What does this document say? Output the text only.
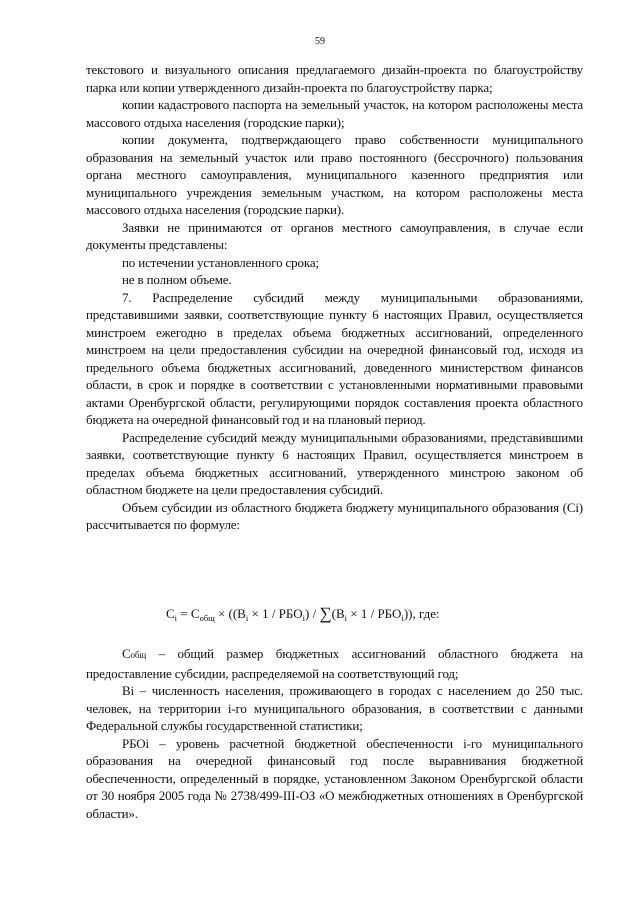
59

текстового и визуального описания предлагаемого дизайн-проекта по благоустройству парка или копии утвержденного дизайн-проекта по благоустройству парка;

копии кадастрового паспорта на земельный участок, на котором расположены места массового отдыха населения (городские парки);

копии документа, подтверждающего право собственности муниципального образования на земельный участок или право постоянного (бессрочного) пользования органа местного самоуправления, муниципального казенного предприятия или муниципального учреждения земельным участком, на котором расположены места массового отдыха населения (городские парки).

Заявки не принимаются от органов местного самоуправления, в случае если документы представлены:

по истечении установленного срока;

не в полном объеме.

7. Распределение субсидий между муниципальными образованиями, представившими заявки, соответствующие пункту 6 настоящих Правил, осуществляется минстроем ежегодно в пределах объема бюджетных ассигнований, определенного минстроем на цели предоставления субсидии на очередной финансовый год, исходя из предельного объема бюджетных ассигнований, доведенного министерством финансов области, в срок и порядке в соответствии с установленными нормативными правовыми актами Оренбургской области, регулирующими порядок составления проекта областного бюджета на очередной финансовый год и на плановый период.

Распределение субсидий между муниципальными образованиями, представившими заявки, соответствующие пункту 6 настоящих Правил, осуществляется минстроем в пределах объема бюджетных ассигнований, утвержденного минстрою законом об областном бюджете на цели предоставления субсидий.

Объем субсидии из областного бюджета бюджету муниципального образования (Ci) рассчитывается по формуле:

$C_i = C_{общ} \times ((B_i \times 1 / РБО_i) / \sum(B_i \times 1 / РБО_i))$, где:

Собщ – общий размер бюджетных ассигнований областного бюджета на предоставление субсидии, распределяемой на соответствующий год;

Bi – численность населения, проживающего в городах с населением до 250 тыс. человек, на территории i-го муниципального образования, в соответствии с данными Федеральной службы государственной статистики;

РБОi – уровень расчетной бюджетной обеспеченности i-го муниципального образования на очередной финансовый год после выравнивания бюджетной обеспеченности, определенный в порядке, установленном Законом Оренбургской области от 30 ноября 2005 года № 2738/499-III-ОЗ «О межбюджетных отношениях в Оренбургской области».
